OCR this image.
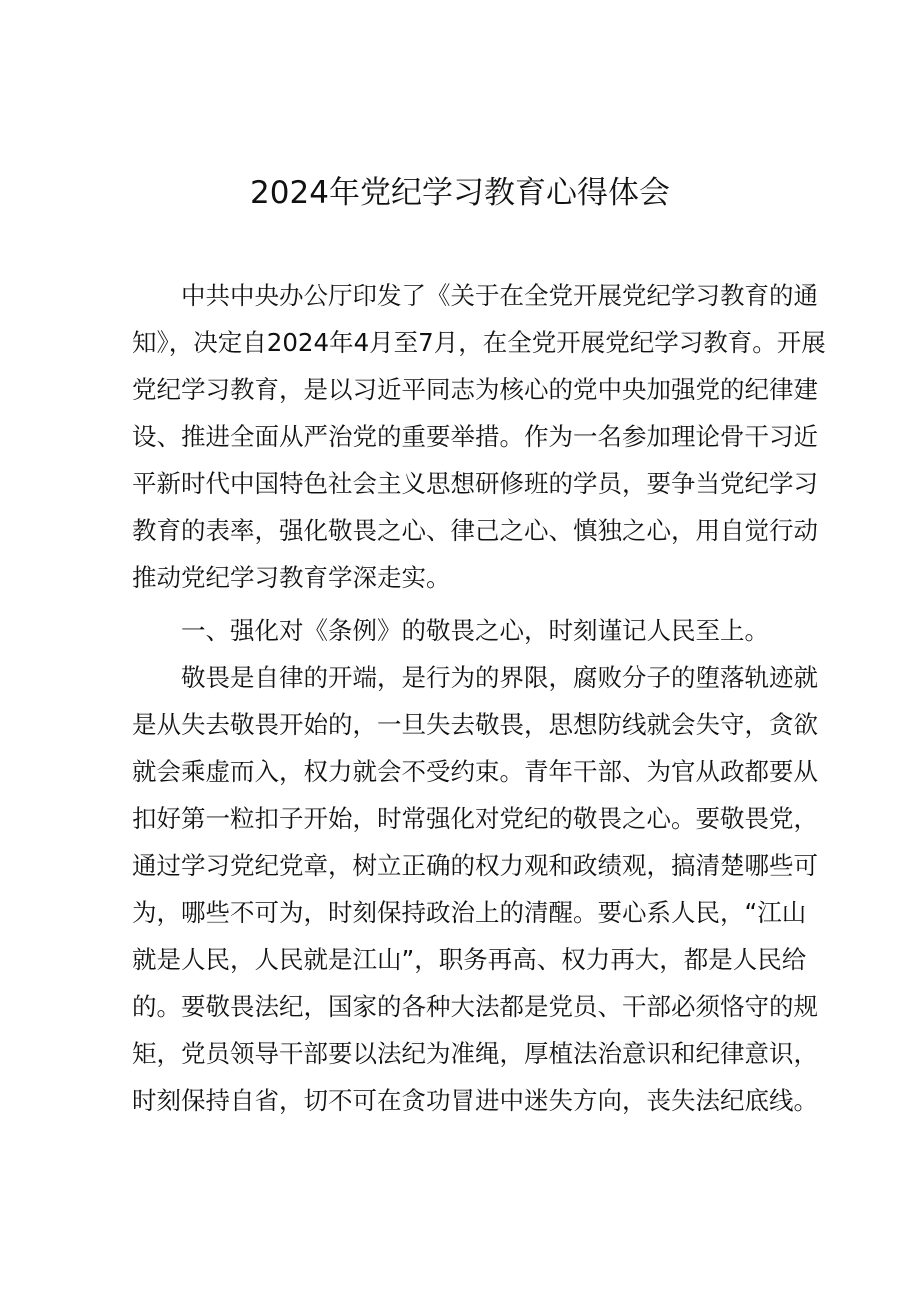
2024年党纪学习教育心得体会

中共中央办公厅印发了《关于在全党开展党纪学习教育的通

知》，决定自2024年4月至7月，在全党开展党纪学习教育。开展

党纪学习教育，是以习近平同志为核心的党中央加强党的纪律建

设、推进全面从严治党的重要举措。作为一名参加理论骨干习近

平新时代中国特色社会主义思想研修班的学员，要争当党纪学习

教育的表率，强化敬畏之心、律己之心、慎独之心，用自觉行动

推动党纪学习教育学深走实。

一、强化对《条例》的敬畏之心，时刻谨记人民至上。

敬畏是自律的开端，是行为的界限，腐败分子的堕落轨迹就

是从失去敬畏开始的，一旦失去敬畏，思想防线就会失守，贪欲

就会乘虚而入，权力就会不受约束。青年干部、为官从政都要从

扣好第一粒扣子开始，时常强化对党纪的敬畏之心。要敬畏党，

通过学习党纪党章，树立正确的权力观和政绩观，搞清楚哪些可

为，哪些不可为，时刻保持政治上的清醒。要心系人民，“江山

就是人民，人民就是江山”，职务再高、权力再大，都是人民给

的。要敬畏法纪，国家的各种大法都是党员、干部必须恪守的规

矩，党员领导干部要以法纪为准绳，厚植法治意识和纪律意识，

时刻保持自省，切不可在贪功冒进中迷失方向，丧失法纪底线。
